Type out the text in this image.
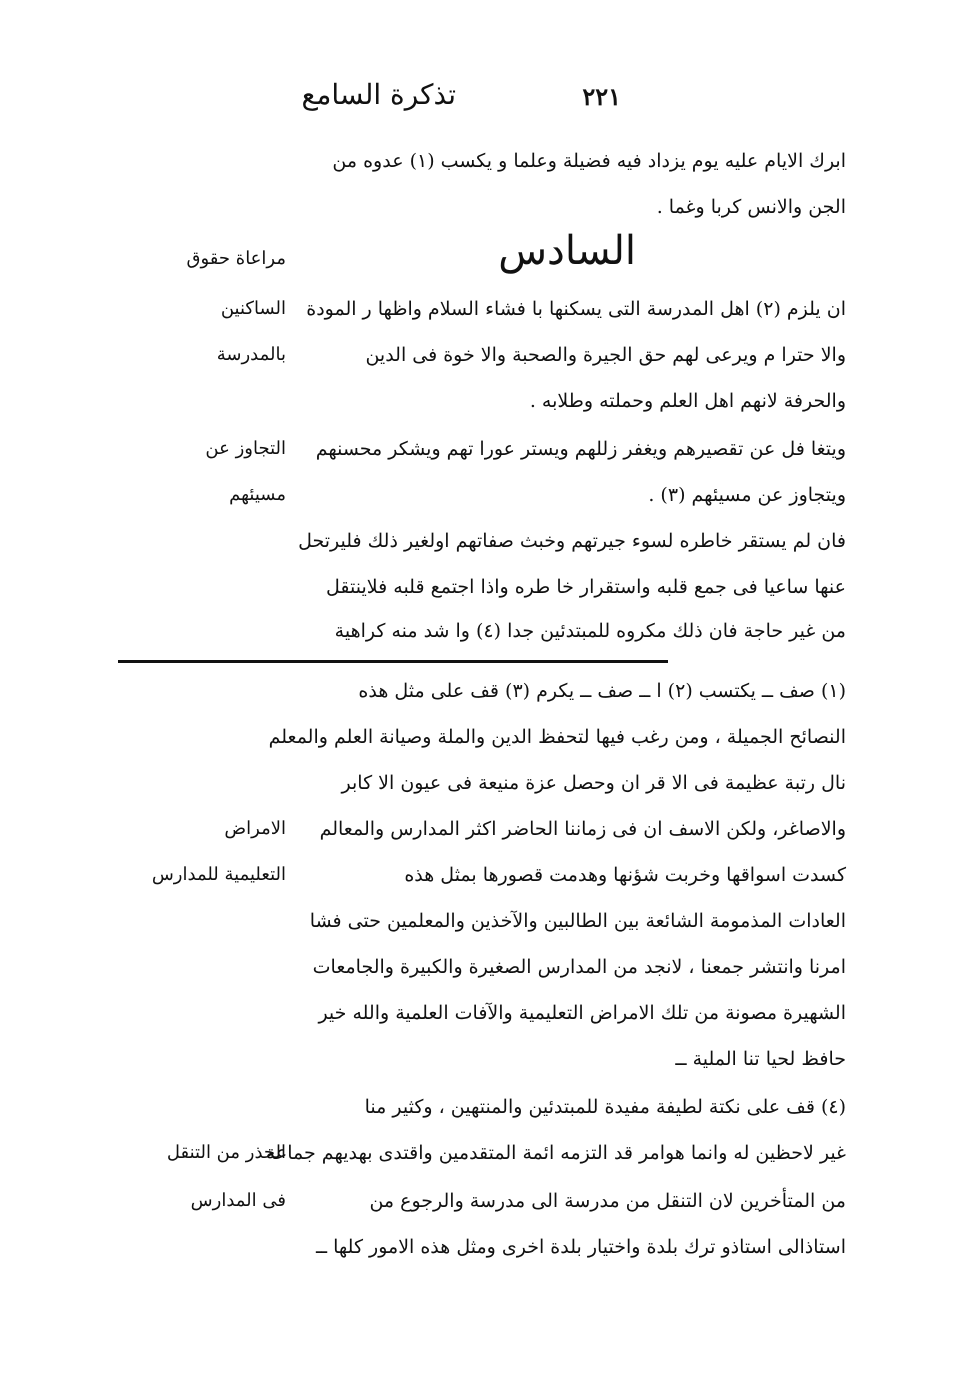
تذكرة السامع	٢٢١
ابرك الايام عليه يوم يزداد فيه فضيلة وعلما و يكسب (١) عدوه من
الجن والانس كربا وغما .
السادس
مراعاة حقوق
الساكنين
بالمدرسة
ان يلزم (٢) اهل المدرسة التى يسكنها با فشاء السلام واظها ر المودة
والا حترا م ويرعى لهم حق الجيرة والصحبة والا خوة فى الدين
والحرفة لانهم اهل العلم وحملته وطلابه .
التجاوز عن
مسيئهم
ويتغا فل عن تقصيرهم ويغفر زللهم ويستر عورا تهم ويشكر محسنهم
ويتجاوز عن مسيئهم (٣) .
فان لم يستقر خاطره لسوء جيرتهم وخبث صفاتهم اولغير ذلك فليرتحل
عنها ساعيا فى جمع قلبه واستقرار خا طره واذا اجتمع قلبه فلاينتقل
من غير حاجة فان ذلك مكروه للمبتدئين جدا (٤) وا شد منه كراهية
(١) صف ــ يكتسب (٢) ا ــ صف ــ يكرم (٣) قف على مثل هذه
النصائح الجميلة ، ومن رغب فيها لتحفظ الدين والملة وصيانة العلم والمعلم
نال رتبة عظيمة فى الا قر ان وحصل عزة منيعة فى عيون الا كابر
الامراض
التعليمية للمدارس
والاصاغر، ولكن الاسف ان فى زماننا الحاضر اكثر المدارس والمعالم
كسدت اسواقها وخربت شؤنها وهدمت قصورها بمثل هذه
العادات المذمومة الشائعة بين الطالبين والآخذين والمعلمين حتى فشا
امرنا وانتشر جمعنا ، لانجد من المدارس الصغيرة والكبيرة والجامعات
الشهيرة مصونة من تلك الامراض التعليمية والآفات العلمية والله خير
حافظ لحيا تنا الملية ــ
(٤) قف على نكتة لطيفة مفيدة للمبتدئين والمنتهين ، وكثير منا
الحذر من التنقل
فى المدارس
غير لاحظين له وانما هوامر قد التزمه ائمة المتقدمين واقتدى بهديهم جماعة
من المتأخرين لان التنقل من مدرسة الى مدرسة والرجوع من
استاذالى استاذو ترك بلدة واختيار بلدة اخرى ومثل هذه الامور كلها ــ
